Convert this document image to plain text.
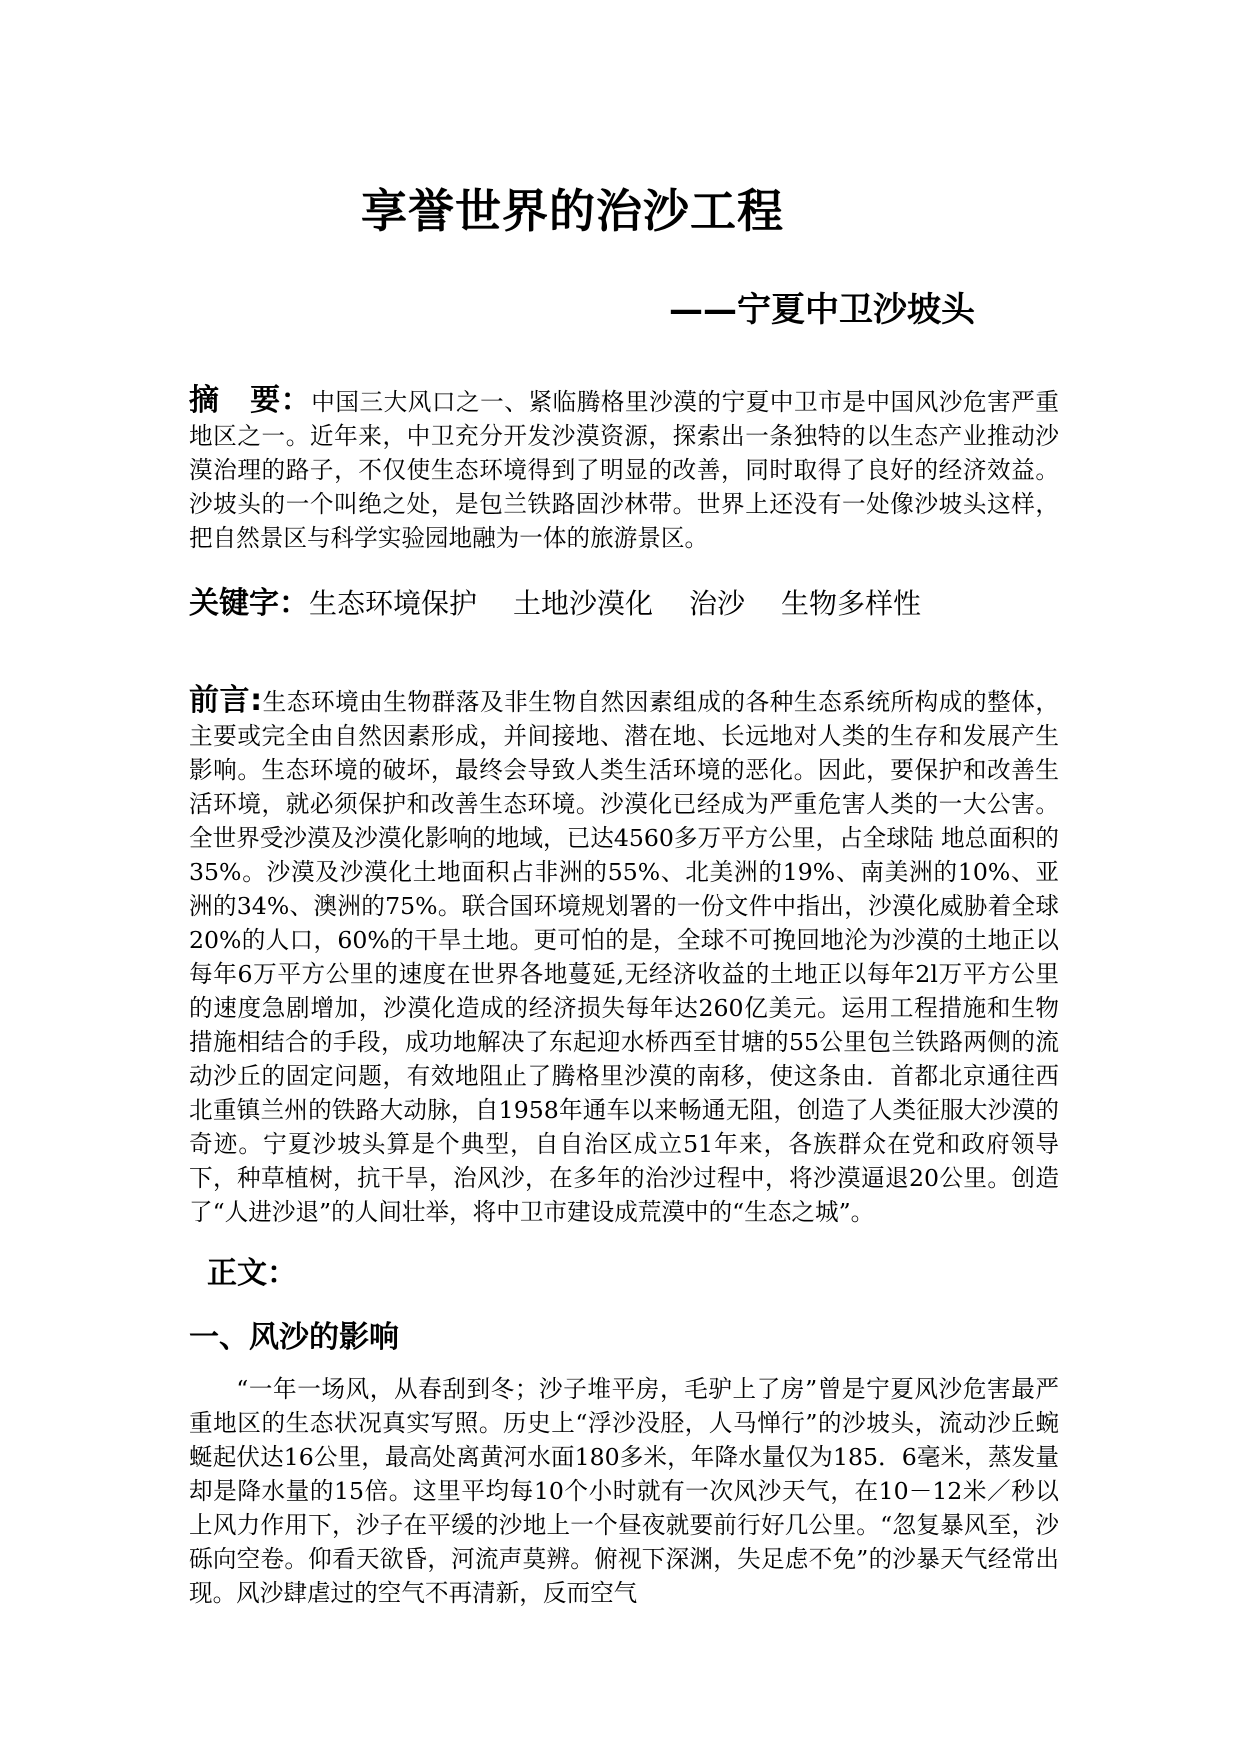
享誉世界的治沙工程
——宁夏中卫沙坡头

摘　要：中国三大风口之一、紧临腾格里沙漠的宁夏中卫市是中国风沙危害严重地区之一。近年来，中卫充分开发沙漠资源，探索出一条独特的以生态产业推动沙漠治理的路子，不仅使生态环境得到了明显的改善，同时取得了良好的经济效益。沙坡头的一个叫绝之处，是包兰铁路固沙林带。世界上还没有一处像沙坡头这样，把自然景区与科学实验园地融为一体的旅游景区。

关键字：生态环境保护 土地沙漠化 治沙 生物多样性

前言:生态环境由生物群落及非生物自然因素组成的各种生态系统所构成的整体，主要或完全由自然因素形成，并间接地、潜在地、长远地对人类的生存和发展产生影响。生态环境的破坏，最终会导致人类生活环境的恶化。因此，要保护和改善生活环境，就必须保护和改善生态环境。沙漠化已经成为严重危害人类的一大公害。全世界受沙漠及沙漠化影响的地域，已达4560多万平方公里，占全球陆 地总面积的35%。沙漠及沙漠化土地面积占非洲的55%、北美洲的19%、南美洲的10%、亚洲的34%、澳洲的75%。联合国环境规划署的一份文件中指出，沙漠化威胁着全球20%的人口，60%的干旱土地。更可怕的是，全球不可挽回地沦为沙漠的土地正以每年6万平方公里的速度在世界各地蔓延,无经济收益的土地正以每年2l万平方公里的速度急剧增加，沙漠化造成的经济损失每年达260亿美元。运用工程措施和生物措施相结合的手段，成功地解决了东起迎水桥西至甘塘的55公里包兰铁路两侧的流动沙丘的固定问题，有效地阻止了腾格里沙漠的南移，使这条由．首都北京通往西北重镇兰州的铁路大动脉，自1958年通车以来畅通无阻，创造了人类征服大沙漠的奇迹。宁夏沙坡头算是个典型，自自治区成立51年来，各族群众在党和政府领导下，种草植树，抗干旱，治风沙，在多年的治沙过程中，将沙漠逼退20公里。创造了“人进沙退”的人间壮举，将中卫市建设成荒漠中的“生态之城”。

正文：
一、风沙的影响

“一年一场风，从春刮到冬；沙子堆平房，毛驴上了房”曾是宁夏风沙危害最严重地区的生态状况真实写照。历史上“浮沙没胫，人马惮行”的沙坡头，流动沙丘蜿蜒起伏达16公里，最高处离黄河水面180多米，年降水量仅为185．6毫米，蒸发量却是降水量的15倍。这里平均每10个小时就有一次风沙天气，在10－12米／秒以上风力作用下，沙子在平缓的沙地上一个昼夜就要前行好几公里。“忽复暴风至，沙砾向空卷。仰看天欲昏，河流声莫辨。俯视下深渊，失足虑不免”的沙暴天气经常出现。风沙肆虐过的空气不再清新，反而空气
